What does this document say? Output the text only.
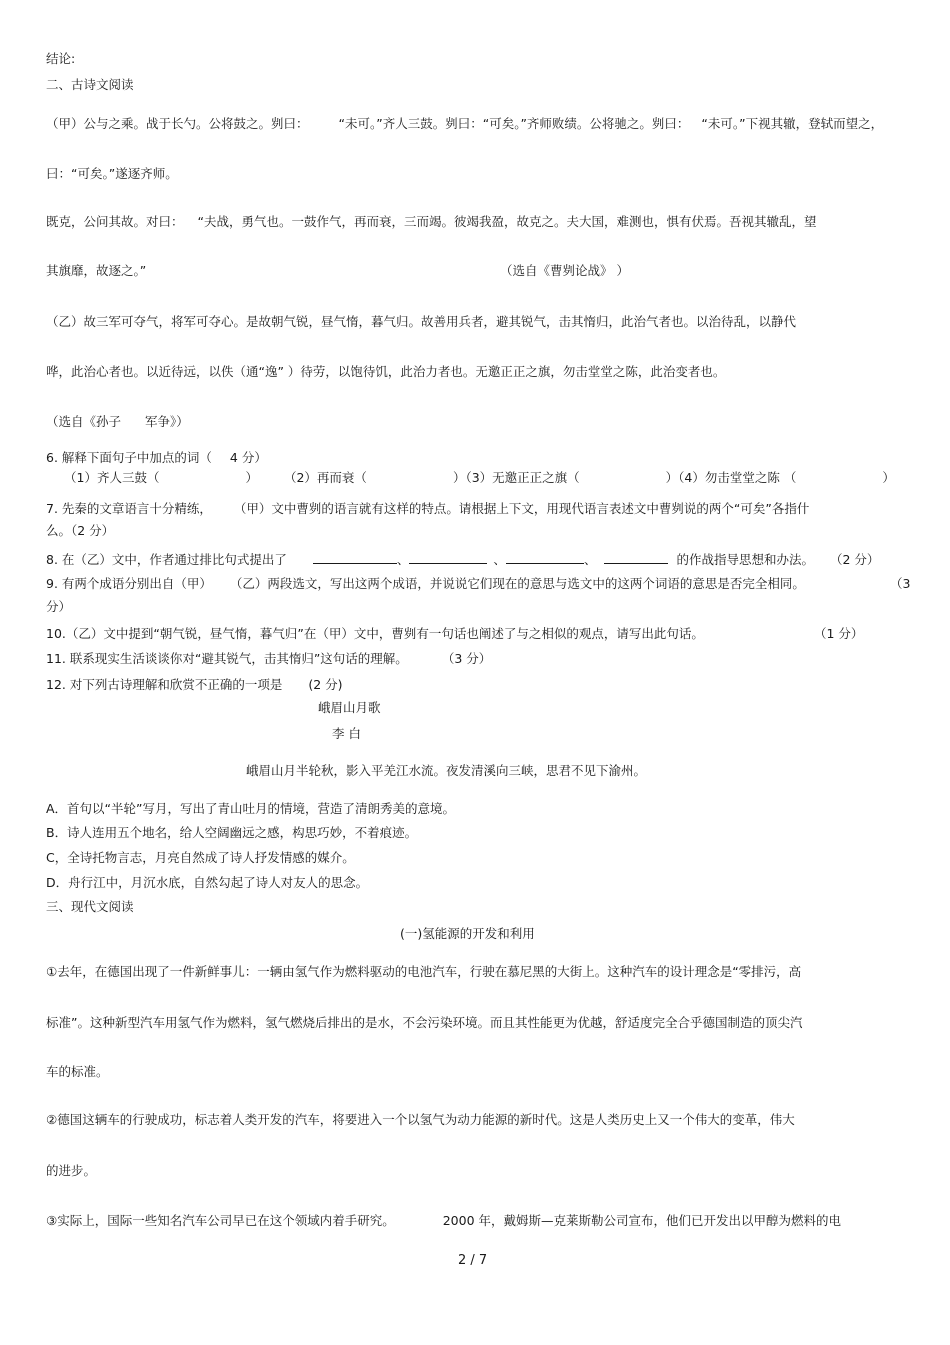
结论:
二、古诗文阅读
（甲）公与之乘。战于长勺。公将鼓之。刿曰： “未可。”齐人三鼓。刿曰：“可矣。”齐师败绩。公将驰之。刿曰： “未可。”下视其辙，登轼而望之，
曰：“可矣。”遂逐齐师。
既克，公问其故。对曰： “夫战，勇气也。一鼓作气，再而衰，三而竭。彼竭我盈，故克之。夫大国，难测也，惧有伏焉。吾视其辙乱，望
其旗靡，故逐之。”	（选自《曹刿论战》 ）
（乙）故三军可夺气，将军可夺心。是故朝气锐，昼气惰，暮气归。故善用兵者，避其锐气，击其惰归，此治气者也。以治待乱，以静代
哗，此治心者也。以近待远，以佚（通“逸” ）待劳，以饱待饥，此治力者也。无邀正正之旗，勿击堂堂之陈，此治变者也。
（选自《孙子 军争》）
6. 解释下面句子中加点的词（ 4 分）
（1）齐人三鼓（	） （2）再而衰（	）（3）无邀正正之旗（	）（4）勿击堂堂之陈 （	）
7. 先秦的文章语言十分精练， （甲）文中曹刿的语言就有这样的特点。请根据上下文，用现代语言表述文中曹刿说的两个“可矣”各指什
么。（2 分）
8. 在（乙）文中，作者通过排比句式提出了	、	、	、	的作战指导思想和办法。 （2 分）
9. 有两个成语分别出自（甲） （乙）两段选文，写出这两个成语，并说说它们现在的意思与选文中的这两个词语的意思是否完全相同。	（3
分）
10.（乙）文中提到“朝气锐，昼气惰，暮气归”在（甲）文中，曹刿有一句话也阐述了与之相似的观点，请写出此句话。	（1 分）
11. 联系现实生活谈谈你对“避其锐气，击其惰归”这句话的理解。	（3 分）
12. 对下列古诗理解和欣赏不正确的一项是 (2 分)
峨眉山月歌
李 白
峨眉山月半轮秋，影入平羌江水流。夜发清溪向三峡，思君不见下渝州。
A．首句以“半轮”写月，写出了青山吐月的情境，营造了清朗秀美的意境。
B．诗人连用五个地名，给人空阔幽远之感，构思巧妙，不着痕迹。
C，全诗托物言志，月亮自然成了诗人抒发情感的媒介。
D．舟行江中，月沉水底，自然勾起了诗人对友人的思念。
三、现代文阅读
(一)氢能源的开发和利用
①去年，在德国出现了一件新鲜事儿：一辆由氢气作为燃料驱动的电池汽车，行驶在慕尼黑的大街上。这种汽车的设计理念是“零排污，高
标准”。这种新型汽车用氢气作为燃料，氢气燃烧后排出的是水，不会污染环境。而且其性能更为优越，舒适度完全合乎德国制造的顶尖汽
车的标准。
②德国这辆车的行驶成功，标志着人类开发的汽车，将要进入一个以氢气为动力能源的新时代。这是人类历史上又一个伟大的变革，伟大
的进步。
③实际上，国际一些知名汽车公司早已在这个领域内着手研究。	2000 年，戴姆斯—克莱斯勒公司宣布，他们已开发出以甲醇为燃料的电
2 / 7
